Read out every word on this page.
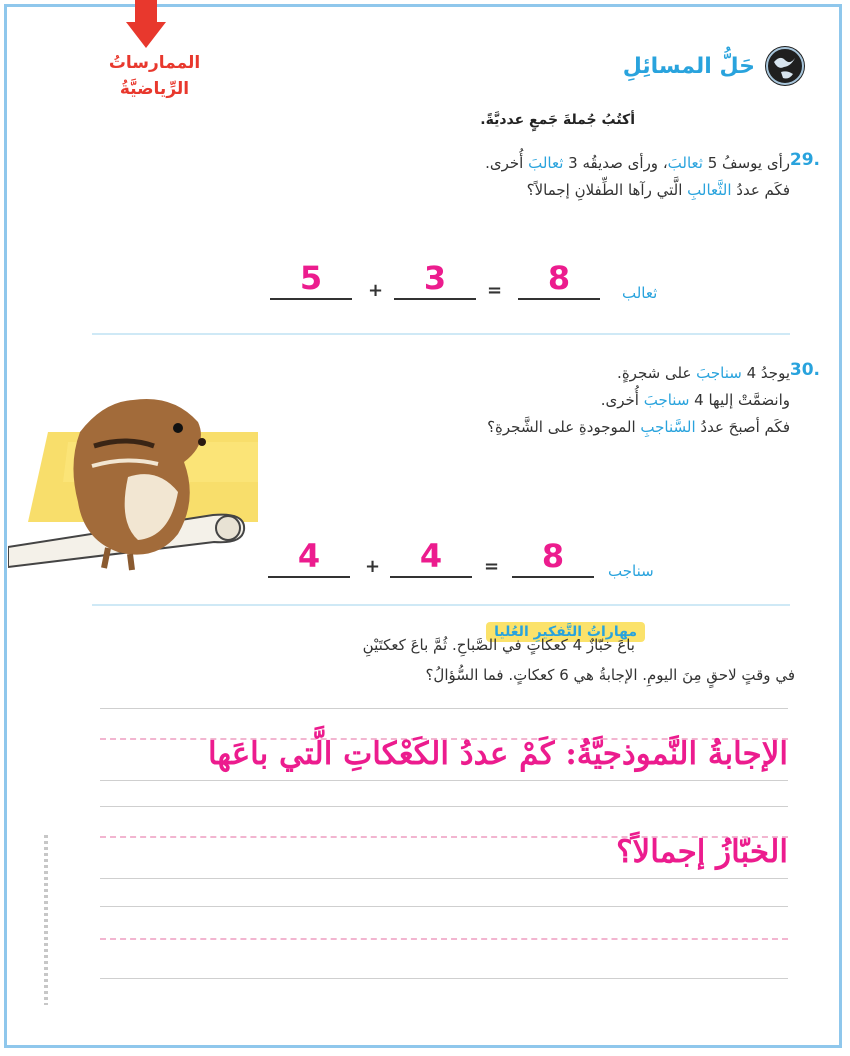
الممارساتُ
الرِّياضيَّةُ
حَلُّ المسائِلِ
أكتُبُ جُملةَ جَمعٍ عدديَّةً.
29.
رأى يوسفُ 5 ثعالبَ، ورأى صديقُه 3 ثعالبَ أُخرى.
فكَم عددُ الثَّعالبِ الَّتي رآها الطِّفلانِ إجمالاً؟
ثعالب
8
=
3
+
5
30.
يوجدُ 4 سناجبَ على شجرةٍ.
وانضمَّتْ إليها 4 سناجبَ أُخرى.
فكَم أصبحَ عددُ السَّناجبِ الموجودةِ على الشَّجرةِ؟
سناجب
8
=
4
+
4
مهاراتُ التَّفكيرِ العُليا
باعَ خبّازٌ 4 كعكاتٍ في الصَّباحِ. ثُمَّ باعَ كعكتَيْنِ
في وقتٍ لاحقٍ مِنَ اليومِ. الإجابةُ هي 6 كعكاتٍ. فما السُّؤالُ؟
الإجابةُ النَّموذجيَّةُ: كَمْ عددُ الكَعْكاتِ الَّتي باعَها
الخبّازُ إجمالاً؟
